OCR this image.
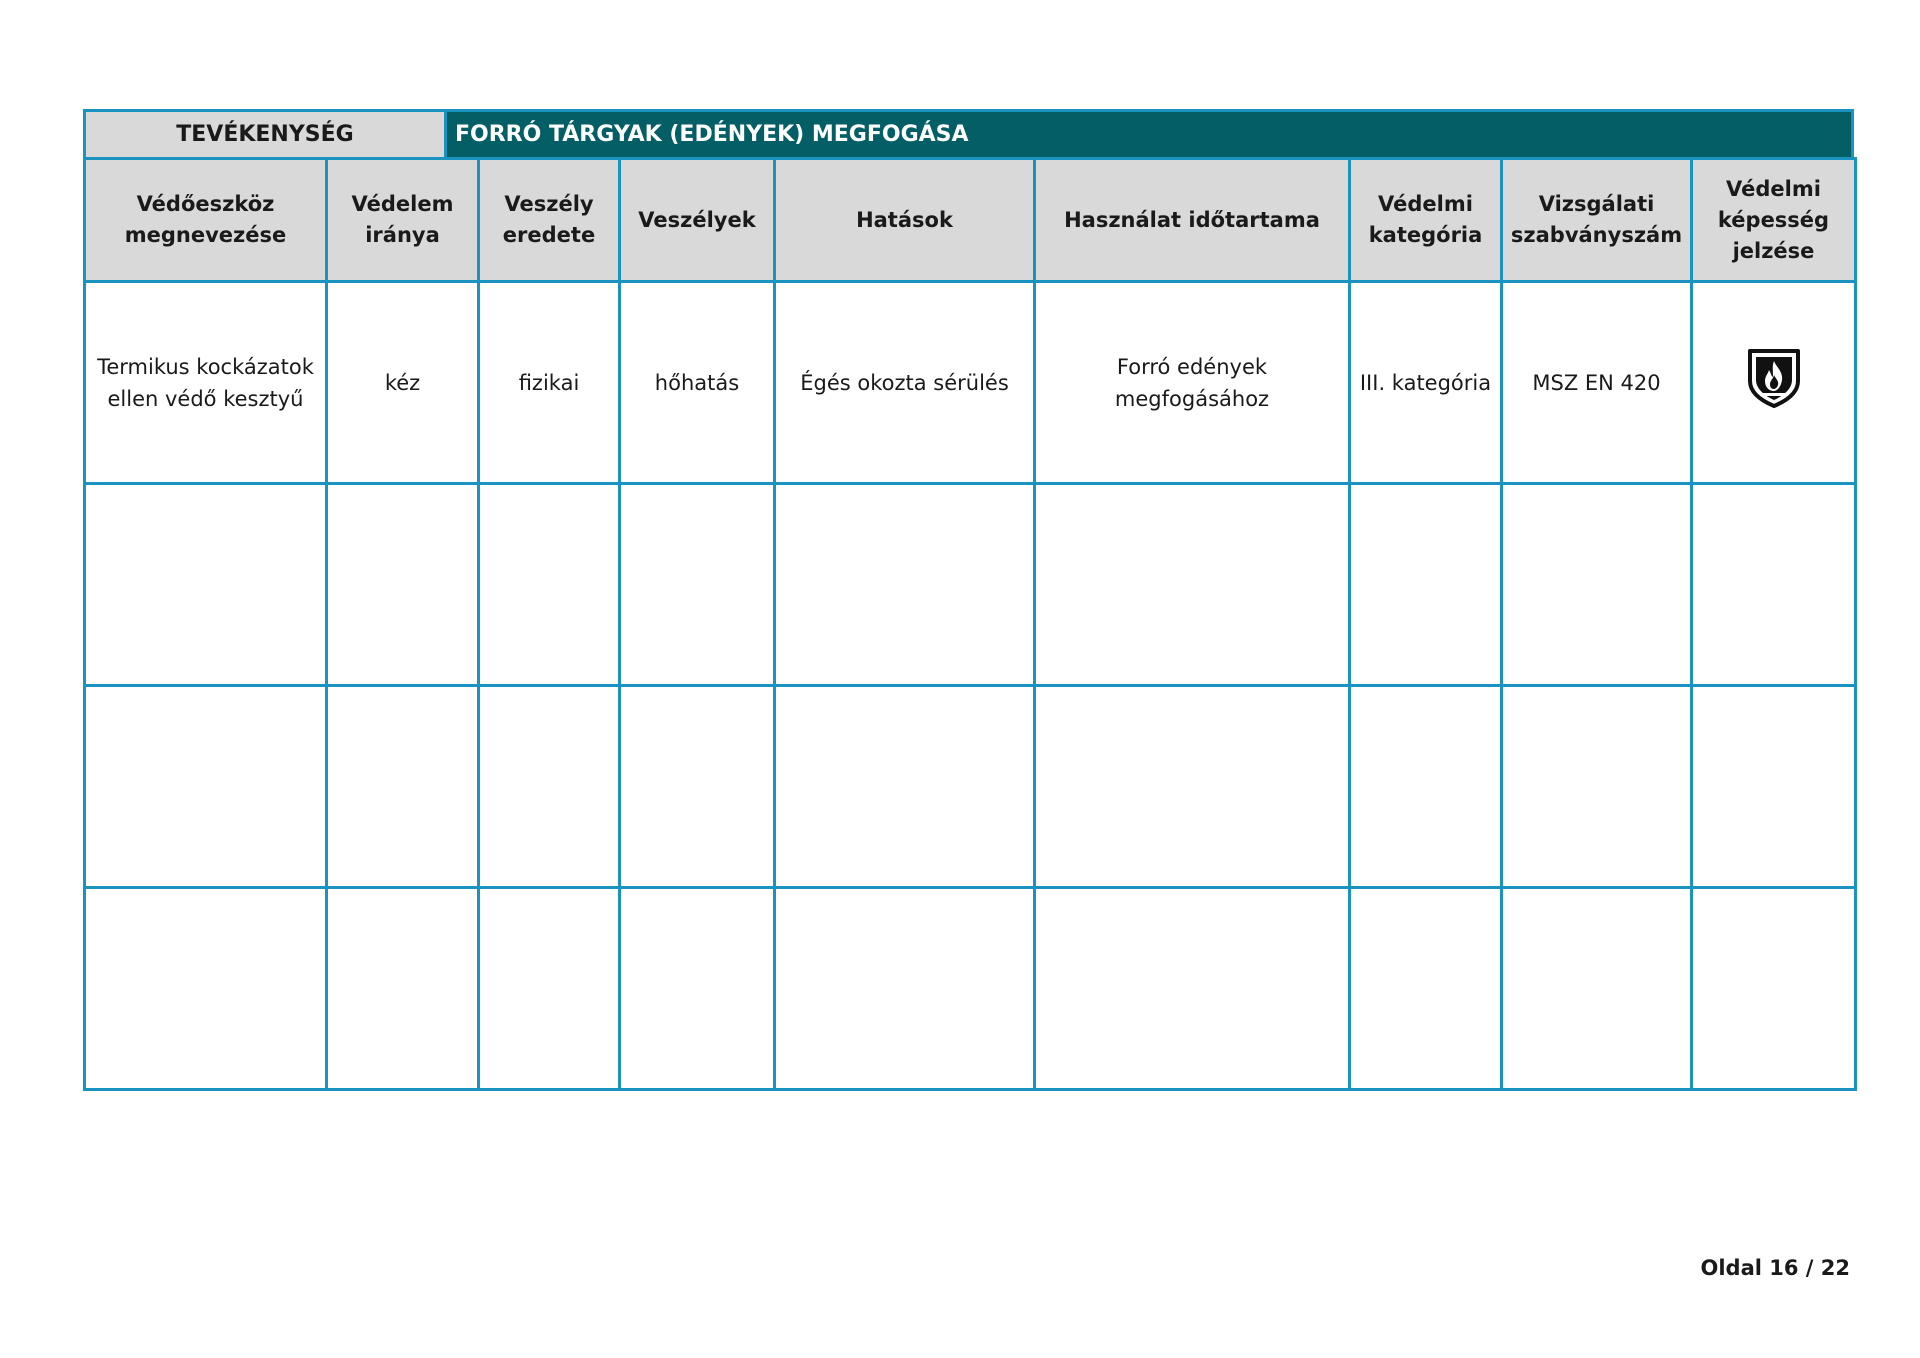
TEVÉKENYSÉG	FORRÓ TÁRGYAK (EDÉNYEK) MEGFOGÁSA
Védőeszköz megnevezése	Védelem iránya	Veszély eredete	Veszélyek	Hatások	Használat időtartama	Védelmi kategória	Vizsgálati szabványszám	Védelmi képesség jelzése
Termikus kockázatok ellen védő kesztyű	kéz	fizikai	hőhatás	Égés okozta sérülés	Forró edények megfogásához	III. kategória	MSZ EN 420	

Oldal 16 / 22
